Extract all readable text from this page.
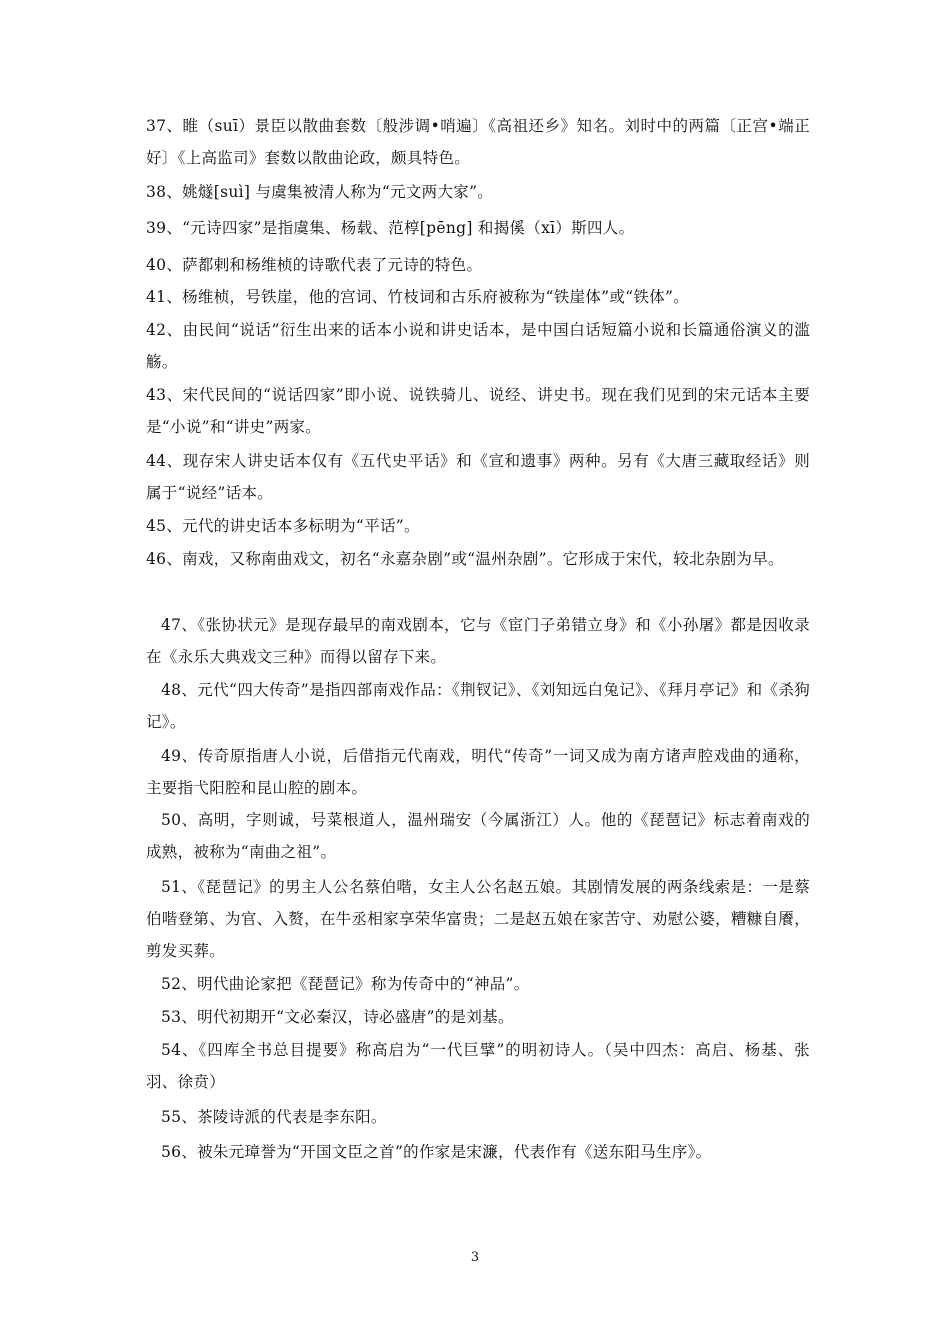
37、睢（suī）景臣以散曲套数〔般涉调•哨遍〕《高祖还乡》知名。刘时中的两篇〔正宫•端正好〕《上高监司》套数以散曲论政，颇具特色。

38、姚燧[suì] 与虞集被清人称为“元文两大家”。

39、“元诗四家”是指虞集、杨载、范椁[pēng] 和揭傒（xī）斯四人。

40、萨都剌和杨维桢的诗歌代表了元诗的特色。

41、杨维桢，号铁崖，他的宫词、竹枝词和古乐府被称为“铁崖体”或“铁体”。

42、由民间“说话”衍生出来的话本小说和讲史话本，是中国白话短篇小说和长篇通俗演义的滥觞。

43、宋代民间的“说话四家”即小说、说铁骑儿、说经、讲史书。现在我们见到的宋元话本主要是“小说”和“讲史”两家。

44、现存宋人讲史话本仅有《五代史平话》和《宣和遗事》两种。另有《大唐三藏取经话》则属于“说经”话本。

45、元代的讲史话本多标明为“平话”。

46、南戏，又称南曲戏文，初名“永嘉杂剧”或“温州杂剧”。它形成于宋代，较北杂剧为早。

47、《张协状元》是现存最早的南戏剧本，它与《宦门子弟错立身》和《小孙屠》都是因收录在《永乐大典戏文三种》而得以留存下来。

48、元代“四大传奇”是指四部南戏作品：《荆钗记》、《刘知远白兔记》、《拜月亭记》和《杀狗记》。

49、传奇原指唐人小说，后借指元代南戏，明代“传奇”一词又成为南方诸声腔戏曲的通称，主要指弋阳腔和昆山腔的剧本。

50、高明，字则诚，号菜根道人，温州瑞安（今属浙江）人。他的《琵琶记》标志着南戏的成熟，被称为“南曲之祖”。

51、《琵琶记》的男主人公名蔡伯喈，女主人公名赵五娘。其剧情发展的两条线索是：一是蔡伯喈登第、为官、入赘，在牛丞相家享荣华富贵；二是赵五娘在家苦守、劝慰公婆，糟糠自餍，剪发买葬。

52、明代曲论家把《琵琶记》称为传奇中的“神品”。

53、明代初期开“文必秦汉，诗必盛唐”的是刘基。

54、《四库全书总目提要》称高启为“一代巨擘”的明初诗人。（吴中四杰：高启、杨基、张羽、徐贲）

55、茶陵诗派的代表是李东阳。

56、被朱元璋誉为“开国文臣之首”的作家是宋濂，代表作有《送东阳马生序》。

3
